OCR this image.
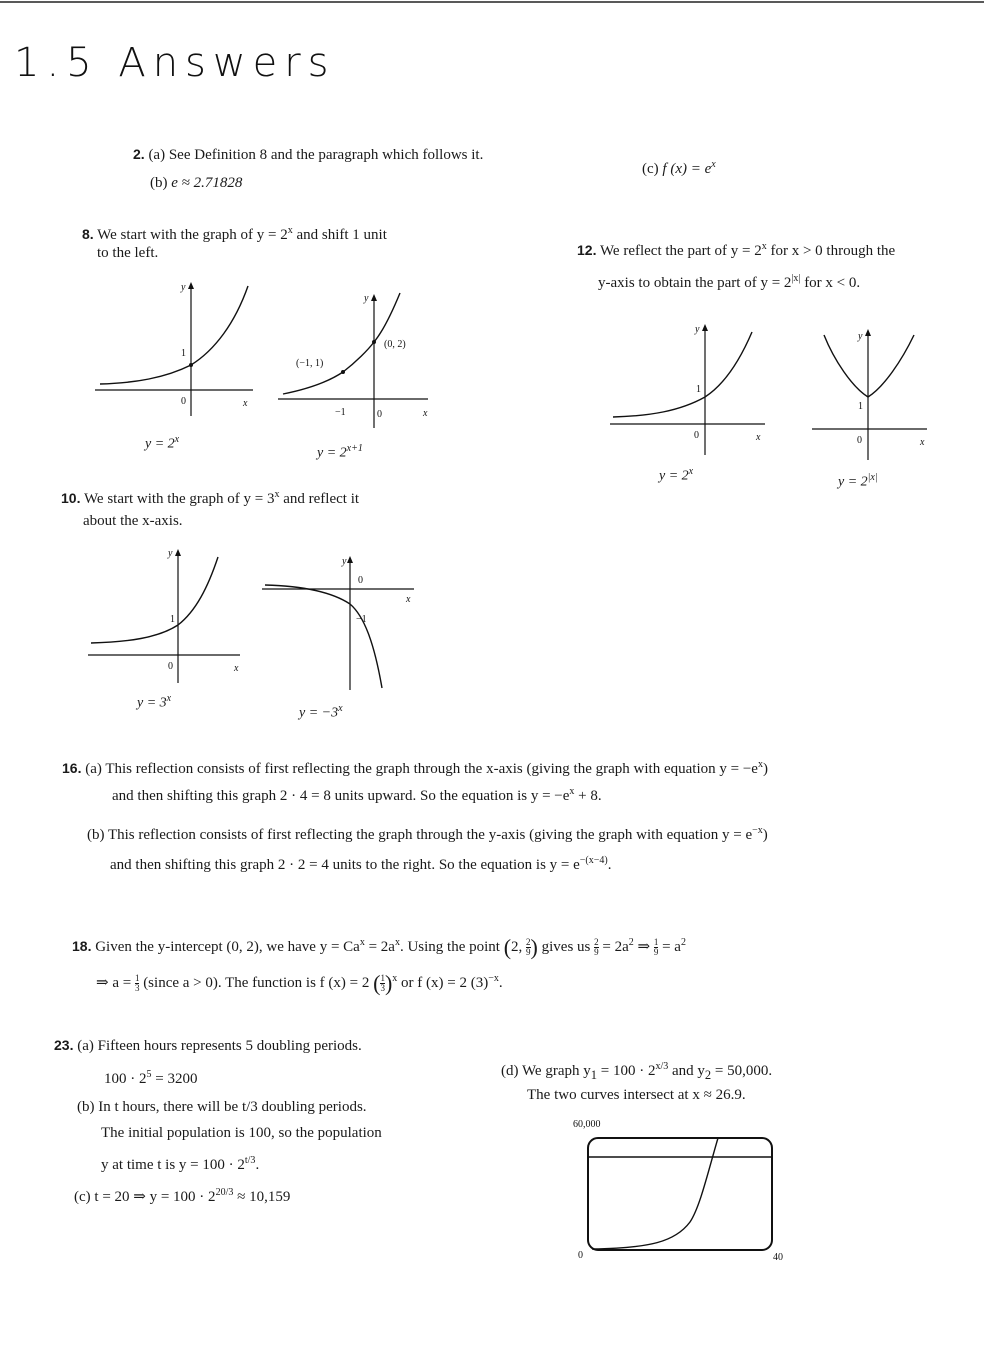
1.5 Answers
2. (a) See Definition 8 and the paragraph which follows it.
(b) e ≈ 2.71828
(c) f $(x) = e^x$
8. We start with the graph of $y = 2^x$ and shift 1 unit
to the left.
y
x
1
0
$y = 2^x$
y
x
(−1, 1)
(0, 2)
−1	0
$y = 2^{x+1}$
10. We start with the graph of $y = 3^x$ and reflect it
about the x-axis.
y
x
1
0
$y = 3^x$
y
x
0
−1
$y = -3^x$
12. We reflect the part of $y = 2^x$ for x > 0 through the
y-axis to obtain the part of $y = 2^{|x|}$ for x < 0.
y
x
1
0
$y = 2^x$
y
x
1
0
$y = 2^{|x|}$
16. (a) This reflection consists of first reflecting the graph through the x-axis (giving the graph with equation $y = -e^x$)
and then shifting this graph 2 · 4 = 8 units upward. So the equation is $y = -e^x + 8$.
(b) This reflection consists of first reflecting the graph through the y-axis (giving the graph with equation $y = e^{-x}$)
and then shifting this graph 2 · 2 = 4 units to the right. So the equation is $y = e^{-(x-4)}$.
18. Given the y-intercept (0, 2), we have $y = Ca^x = 2a^x$. Using the point (2, $\frac{2}{9}$ ) gives us $\frac{2}{9} = 2a^2$ ⇒ $\frac{1}{9} = a^2$
⇒ $a = \frac{1}{3}$ (since a > 0). The function is f (x) = 2 ( $\frac{1}{3} )^x$ or f (x) = 2 $(3)^{-x}$.
23. (a) Fifteen hours represents 5 doubling periods.
$100 \cdot 2^5 = 3200$
(b) In t hours, there will be t/3 doubling periods.
The initial population is 100, so the population
y at time t is $y = 100 \cdot 2^{t/3}$.
(c) t = 20 ⇒ $y = 100 \cdot 2^{20/3} \approx 10,159$
(d) We graph $y_1 = 100 \cdot 2^{x/3}$ and $y_2 = 50,000$.
The two curves intersect at x ≈ 26.9.
60,000
0	40
